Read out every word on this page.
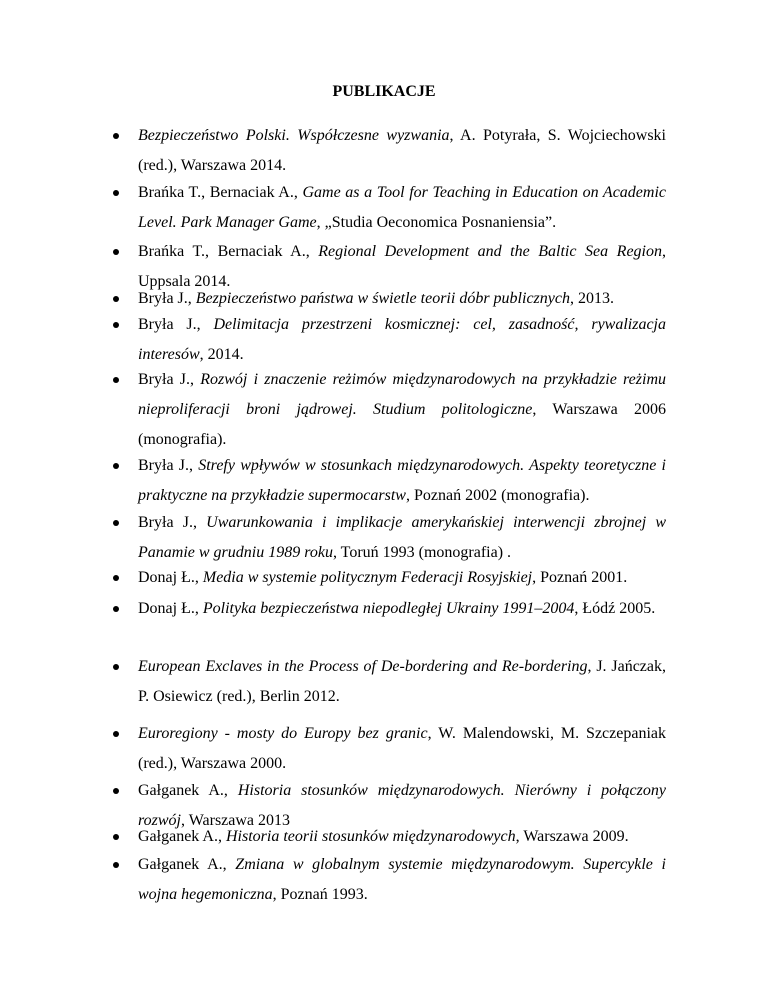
PUBLIKACJE
Bezpieczeństwo Polski. Współczesne wyzwania, A. Potyrała, S. Wojciechowski (red.), Warszawa 2014.
Brańka T., Bernaciak A., Game as a Tool for Teaching in Education on Academic Level. Park Manager Game, „Studia Oeconomica Posnaniensia”.
Brańka T., Bernaciak A., Regional Development and the Baltic Sea Region, Uppsala 2014.
Bryła J., Bezpieczeństwo państwa w świetle teorii dóbr publicznych, 2013.
Bryła J., Delimitacja przestrzeni kosmicznej: cel, zasadność, rywalizacja interesów, 2014.
Bryła J., Rozwój i znaczenie reżimów międzynarodowych na przykładzie reżimu nieproliferacji broni jądrowej. Studium politologiczne, Warszawa 2006 (monografia).
Bryła J., Strefy wpływów w stosunkach międzynarodowych. Aspekty teoretyczne i praktyczne na przykładzie supermocarstw, Poznań 2002 (monografia).
Bryła J., Uwarunkowania i implikacje amerykańskiej interwencji zbrojnej w Panamie w grudniu 1989 roku, Toruń 1993 (monografia) .
Donaj Ł., Media w systemie politycznym Federacji Rosyjskiej, Poznań 2001.
Donaj Ł., Polityka bezpieczeństwa niepodległej Ukrainy 1991–2004, Łódź 2005.
European Exclaves in the Process of De-bordering and Re-bordering, J. Jańczak, P. Osiewicz (red.), Berlin 2012.
Euroregiony - mosty do Europy bez granic, W. Malendowski, M. Szczepaniak (red.), Warszawa 2000.
Gałganek A., Historia stosunków międzynarodowych. Nierówny i połączony rozwój, Warszawa 2013
Gałganek A., Historia teorii stosunków międzynarodowych, Warszawa 2009.
Gałganek A., Zmiana w globalnym systemie międzynarodowym. Supercykle i wojna hegemoniczna, Poznań 1993.
